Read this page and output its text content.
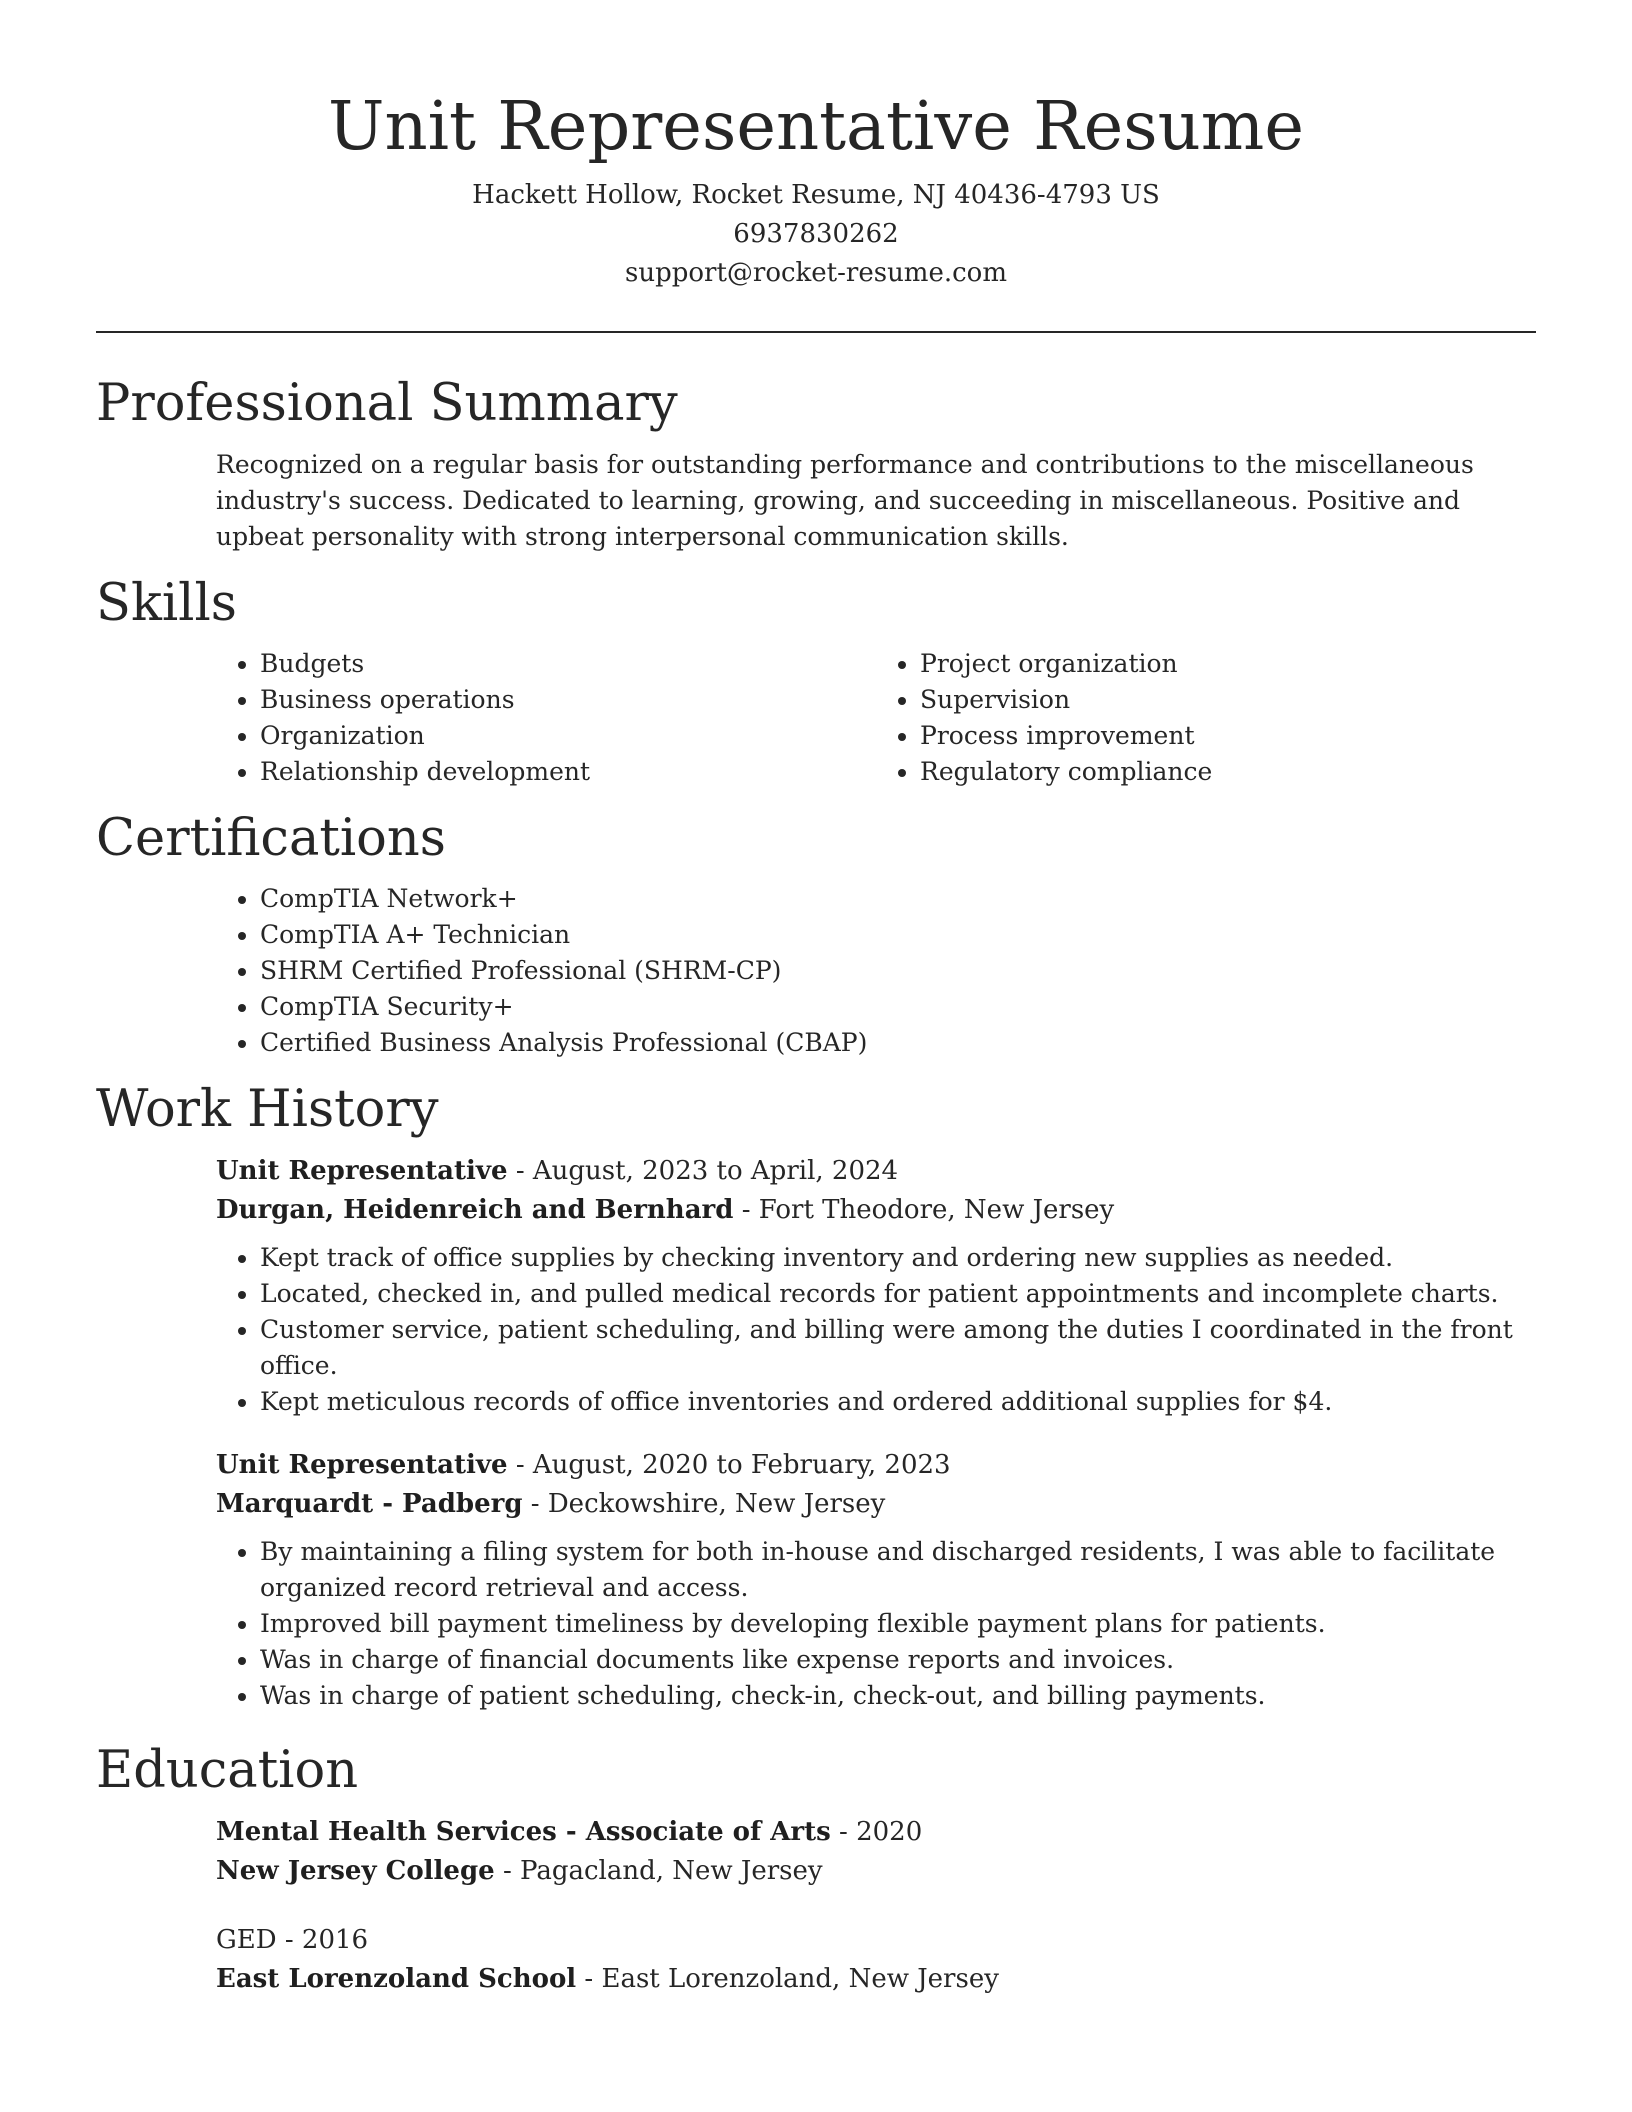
Unit Representative Resume
Hackett Hollow, Rocket Resume, NJ 40436-4793 US
6937830262
support@rocket-resume.com
Professional Summary

Recognized on a regular basis for outstanding performance and contributions to the miscellaneous industry's success. Dedicated to learning, growing, and succeeding in miscellaneous. Positive and upbeat personality with strong interpersonal communication skills.

Skills
• Budgets
• Business operations
• Organization
• Relationship development
• Project organization
• Supervision
• Process improvement
• Regulatory compliance
Certifications
• CompTIA Network+
• CompTIA A+ Technician
• SHRM Certified Professional (SHRM-CP)
• CompTIA Security+
• Certified Business Analysis Professional (CBAP)
Work History
Unit Representative - August, 2023 to April, 2024
Durgan, Heidenreich and Bernhard - Fort Theodore, New Jersey
• Kept track of office supplies by checking inventory and ordering new supplies as needed.
• Located, checked in, and pulled medical records for patient appointments and incomplete charts.
• Customer service, patient scheduling, and billing were among the duties I coordinated in the front office.
• Kept meticulous records of office inventories and ordered additional supplies for $4.
Unit Representative - August, 2020 to February, 2023
Marquardt - Padberg - Deckowshire, New Jersey
• By maintaining a filing system for both in-house and discharged residents, I was able to facilitate organized record retrieval and access.
• Improved bill payment timeliness by developing flexible payment plans for patients.
• Was in charge of financial documents like expense reports and invoices.
• Was in charge of patient scheduling, check-in, check-out, and billing payments.
Education
Mental Health Services - Associate of Arts - 2020
New Jersey College - Pagacland, New Jersey
GED - 2016
East Lorenzoland School - East Lorenzoland, New Jersey
